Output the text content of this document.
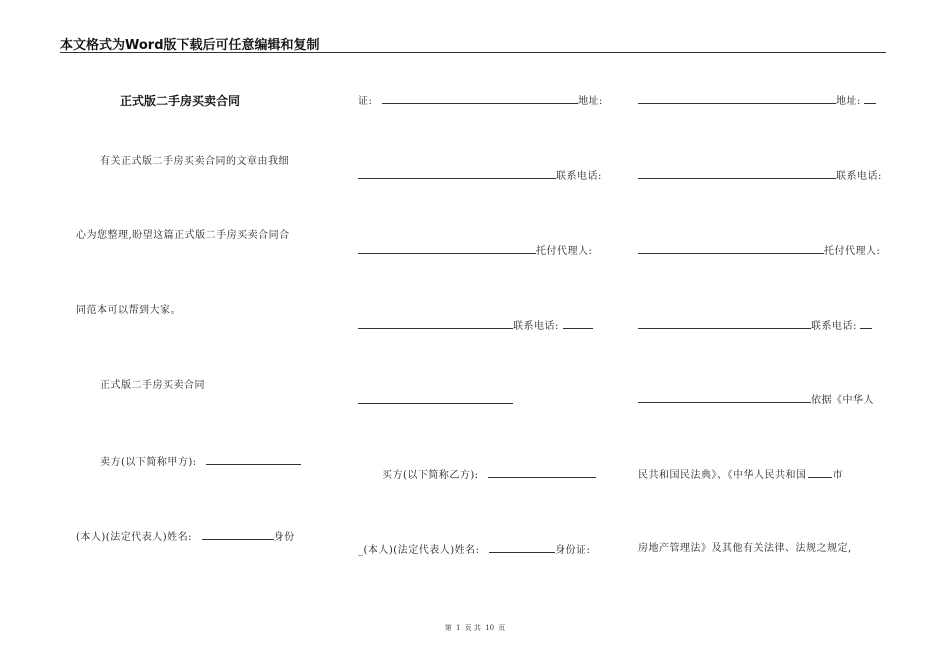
本文格式为Word版下载后可任意编辑和复制
正式版二手房买卖合同
有关正式版二手房买卖合同的文章由我细
心为您整理,盼望这篇正式版二手房买卖合同合
同范本可以帮到大家。
正式版二手房买卖合同
卖方(以下简称甲方):
(本人)(法定代表人)姓名:	身份
证:	地址:
联系电话:
托付代理人:
联系电话:
买方(以下简称乙方):
_(本人)(法定代表人)姓名:	身份证:
地址:
联系电话:
托付代理人:
联系电话:
依据《中华人
民共和国民法典》、《中华人民共和国	市
房地产管理法》及其他有关法律、法规之规定,
第 1 页 共 10 页
